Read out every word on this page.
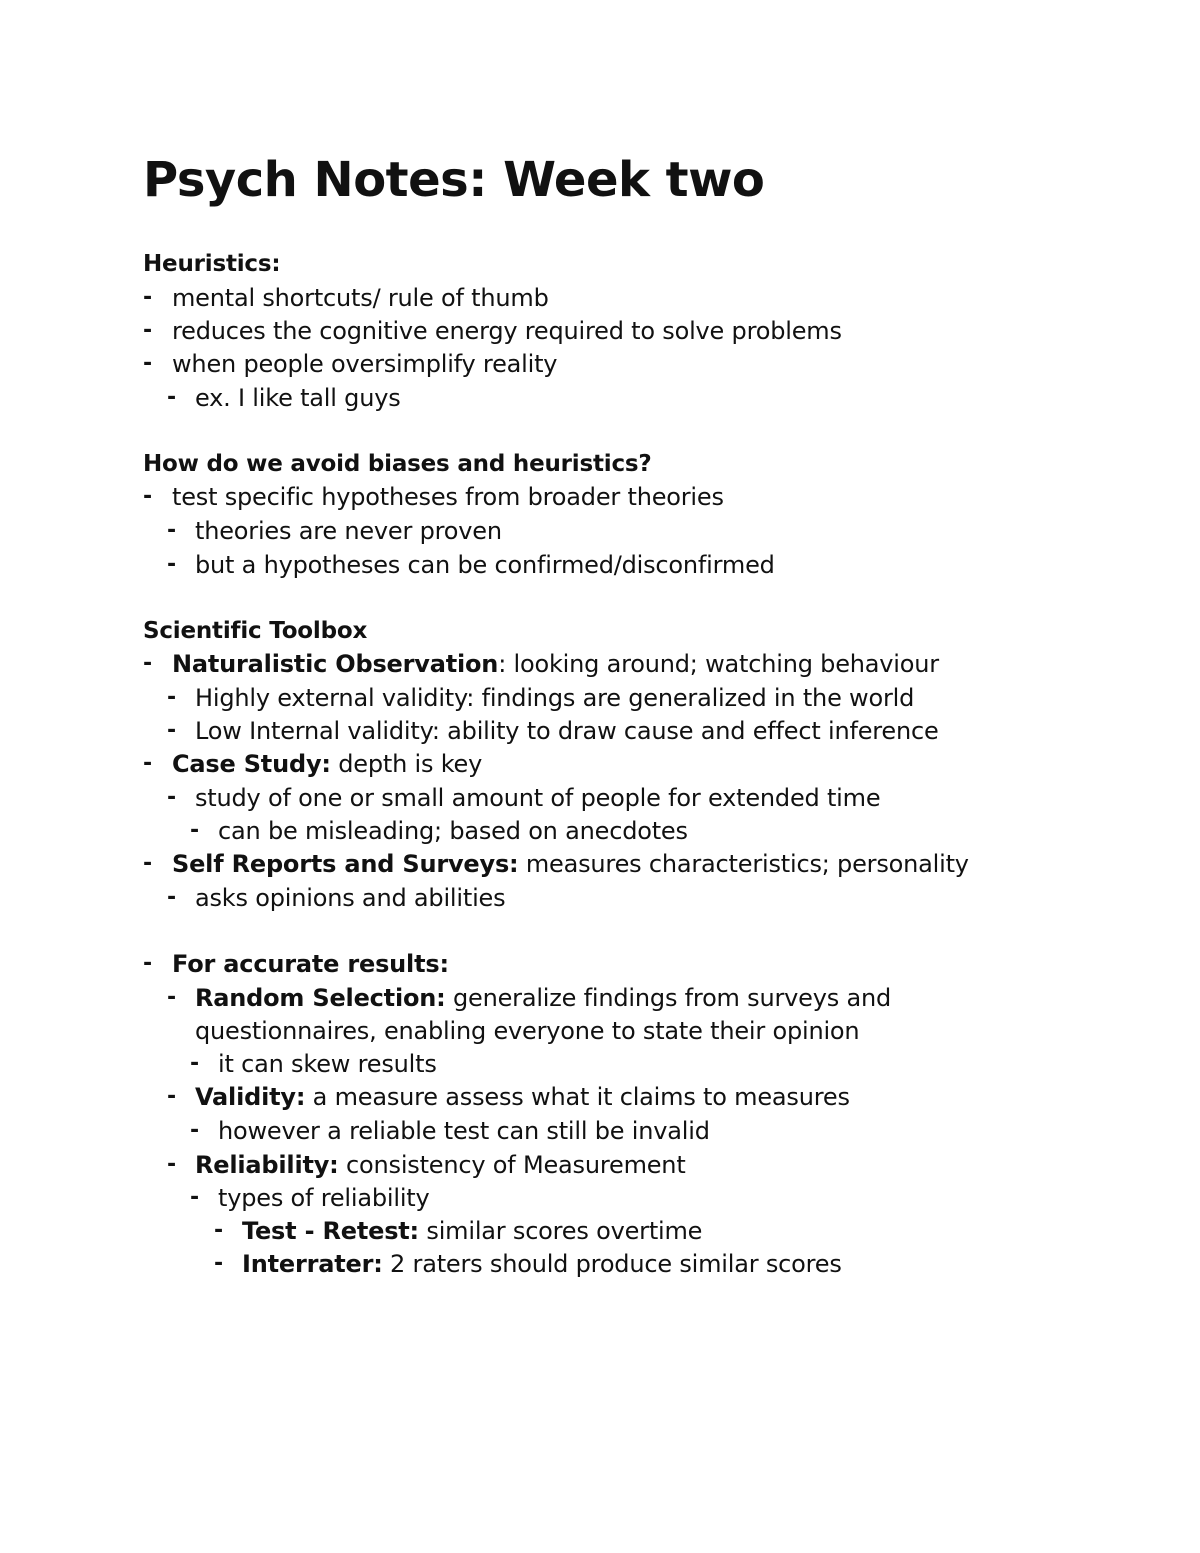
Psych Notes: Week two
Heuristics:
- mental shortcuts/ rule of thumb
- reduces the cognitive energy required to solve problems
- when people oversimplify reality
- ex. I like tall guys
How do we avoid biases and heuristics?
- test specific hypotheses from broader theories
- theories are never proven
- but a hypotheses can be confirmed/disconfirmed
Scientific Toolbox
- Naturalistic Observation: looking around; watching behaviour
- Highly external validity: findings are generalized in the world
- Low Internal validity: ability to draw cause and effect inference
- Case Study: depth is key
- study of one or small amount of people for extended time
- can be misleading; based on anecdotes
- Self Reports and Surveys: measures characteristics; personality
- asks opinions and abilities
- For accurate results:
- Random Selection: generalize findings from surveys and
questionnaires, enabling everyone to state their opinion
- it can skew results
- Validity: a measure assess what it claims to measures
- however a reliable test can still be invalid
- Reliability: consistency of Measurement
- types of reliability
- Test - Retest: similar scores overtime
- Interrater: 2 raters should produce similar scores
